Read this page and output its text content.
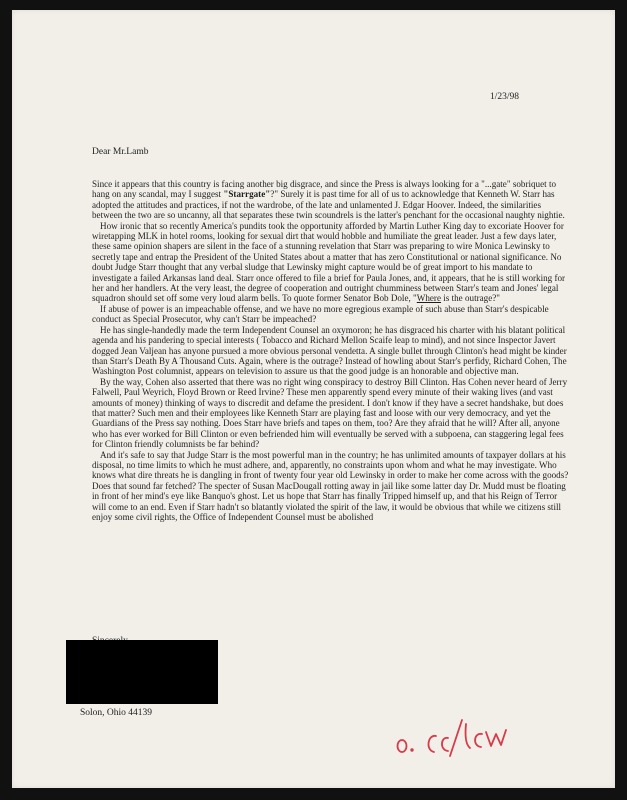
1/23/98
Dear Mr.Lamb

Since it appears that this country is facing another big disgrace, and since the Press is always looking for a "...gate" sobriquet to hang on any scandal, may I suggest "Starrgate"?" Surely it is past time for all of us to acknowledge that Kenneth W. Starr has adopted the attitudes and practices, if not the wardrobe, of the late and unlamented J. Edgar Hoover. Indeed, the similarities between the two are so uncanny, all that separates these twin scoundrels is the latter's penchant for the occasional naughty nightie.

How ironic that so recently America's pundits took the opportunity afforded by Martin Luther King day to excoriate Hoover for wiretapping MLK in hotel rooms, looking for sexual dirt that would hobble and humiliate the great leader. Just a few days later, these same opinion shapers are silent in the face of a stunning revelation that Starr was preparing to wire Monica Lewinsky to secretly tape and entrap the President of the United States about a matter that has zero Constitutional or national significance. No doubt Judge Starr thought that any verbal sludge that Lewinsky might capture would be of great import to his mandate to investigate a failed Arkansas land deal. Starr once offered to file a brief for Paula Jones, and, it appears, that he is still working for her and her handlers. At the very least, the degree of cooperation and outright chumminess between Starr's team and Jones' legal squadron should set off some very loud alarm bells. To quote former Senator Bob Dole, "Where is the outrage?"

If abuse of power is an impeachable offense, and we have no more egregious example of such abuse than Starr's despicable conduct as Special Prosecutor, why can't Starr be impeached?

He has single-handedly made the term Independent Counsel an oxymoron; he has disgraced his charter with his blatant political agenda and his pandering to special interests ( Tobacco and Richard Mellon Scaife leap to mind), and not since Inspector Javert dogged Jean Valjean has anyone pursued a more obvious personal vendetta. A single bullet through Clinton's head might be kinder than Starr's Death By A Thousand Cuts. Again, where is the outrage? Instead of howling about Starr's perfidy, Richard Cohen, The Washington Post columnist, appears on television to assure us that the good judge is an honorable and objective man.

By the way, Cohen also asserted that there was no right wing conspiracy to destroy Bill Clinton. Has Cohen never heard of Jerry Falwell, Paul Weyrich, Floyd Brown or Reed Irvine? These men apparently spend every minute of their waking lives (and vast amounts of money) thinking of ways to discredit and defame the president. I don't know if they have a secret handshake, but does that matter? Such men and their employees like Kenneth Starr are playing fast and loose with our very democracy, and yet the Guardians of the Press say nothing. Does Starr have briefs and tapes on them, too? Are they afraid that he will? After all, anyone who has ever worked for Bill Clinton or even befriended him will eventually be served with a subpoena, can staggering legal fees for Clinton friendly columnists be far behind?

And it's safe to say that Judge Starr is the most powerful man in the country; he has unlimited amounts of taxpayer dollars at his disposal, no time limits to which he must adhere, and, apparently, no constraints upon whom and what he may investigate. Who knows what dire threats he is dangling in front of twenty four year old Lewinsky in order to make her come across with the goods? Does that sound far fetched? The specter of Susan MacDougall rotting away in jail like some latter day Dr. Mudd must be floating in front of her mind's eye like Banquo's ghost. Let us hope that Starr has finally Tripped himself up, and that his Reign of Terror will come to an end. Even if Starr hadn't so blatantly violated the spirit of the law, it would be obvious that while we citizens still enjoy some civil rights, the Office of Independent Counsel must be abolished

Solon, Ohio 44139
